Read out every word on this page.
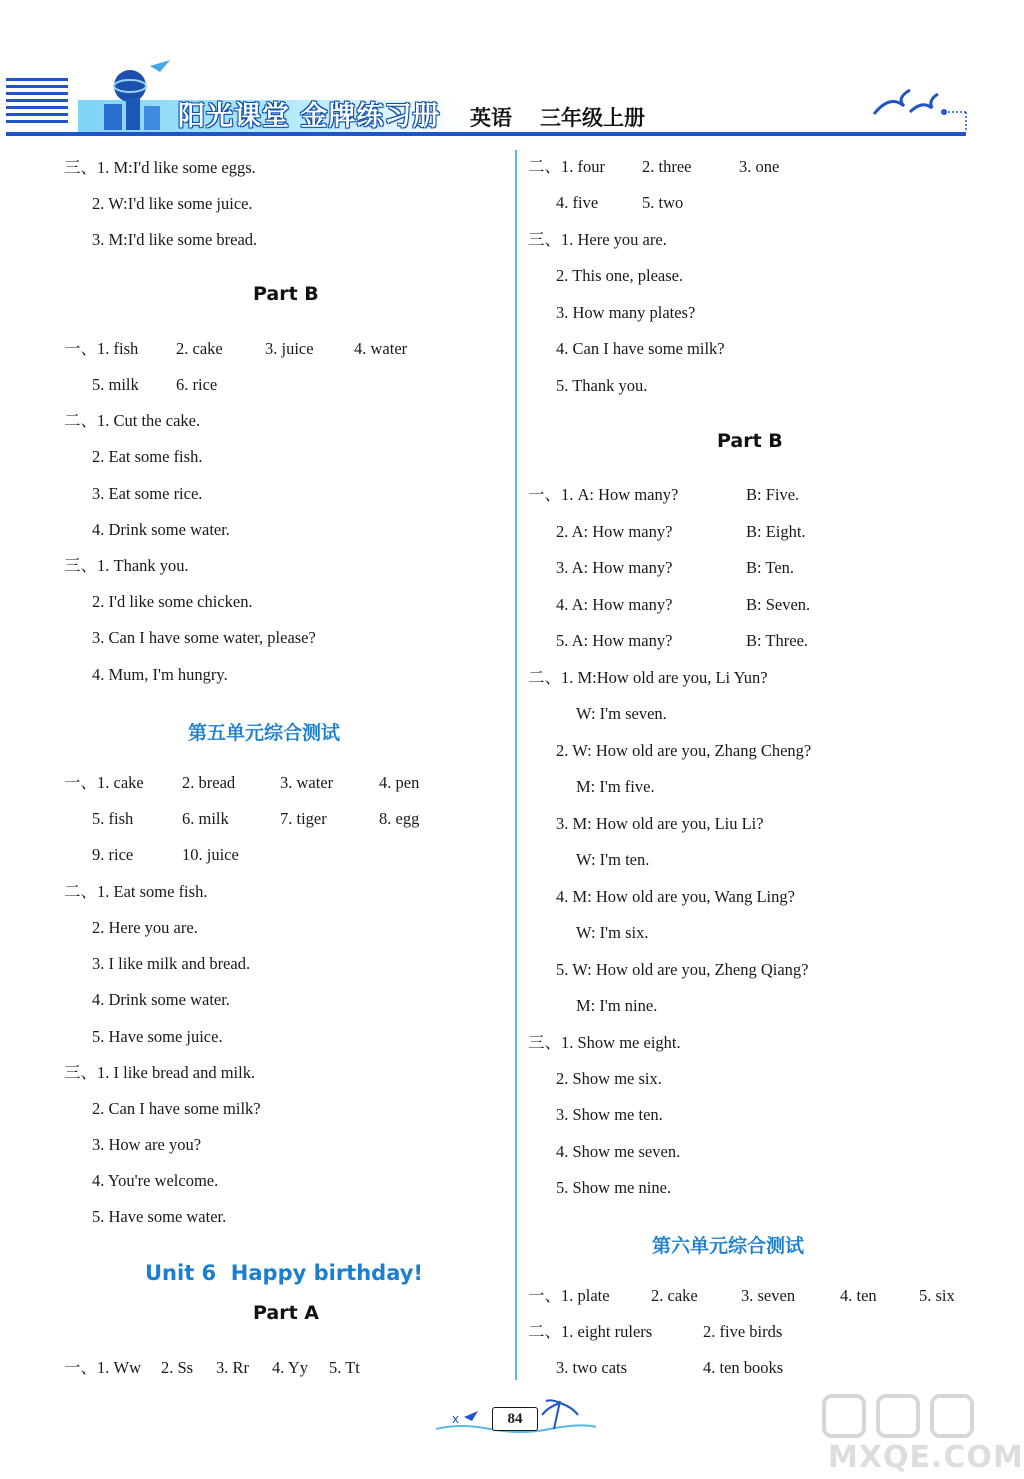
阳光课堂 金牌练习册 英语 三年级上册
三、1. M:I'd like some eggs.
2. W:I'd like some juice.
3. M:I'd like some bread.
Part B
一、1. fish 2. cake	3. juice 4. water
5. milk 6. rice
二、1. Cut the cake.
2. Eat some fish.
3. Eat some rice.
4. Drink some water.
三、1. Thank you.
2. I'd like some chicken.
3. Can I have some water, please?
4. Mum, I'm hungry.
第五单元综合测试
一、1. cake 2. bread	3. water	4. pen
5. fish	6. milk	7. tiger	8. egg
9. rice	10. juice
二、1. Eat some fish.
2. Here you are.
3. I like milk and bread.
4. Drink some water.
5. Have some juice.
三、1. I like bread and milk.
2. Can I have some milk?
3. How are you?
4. You're welcome.
5. Have some water.
Unit 6  Happy birthday!
Part A
一、1. Ww 2. Ss 3. Rr 4. Yy 5. Tt
二、1. four 2. three	3. one
4. five	5. two
三、1. Here you are.
2. This one, please.
3. How many plates?
4. Can I have some milk?
5. Thank you.
Part B
一、1. A: How many?	B: Five.
2. A: How many?	B: Eight.
3. A: How many?	B: Ten.
4. A: How many?	B: Seven.
5. A: How many?	B: Three.
二、1. M:How old are you, Li Yun?
W: I'm seven.
2. W: How old are you, Zhang Cheng?
M: I'm five.
3. M: How old are you, Liu Li?
W: I'm ten.
4. M: How old are you, Wang Ling?
W: I'm six.
5. W: How old are you, Zheng Qiang?
M: I'm nine.
三、1. Show me eight.
2. Show me six.
3. Show me ten.
4. Show me seven.
5. Show me nine.
第六单元综合测试
一、1. plate	2. cake	3. seven	4. ten	5. six
二、1. eight rulers	2. five birds
3. two cats	4. ten books
x	84
MXQE.COM
